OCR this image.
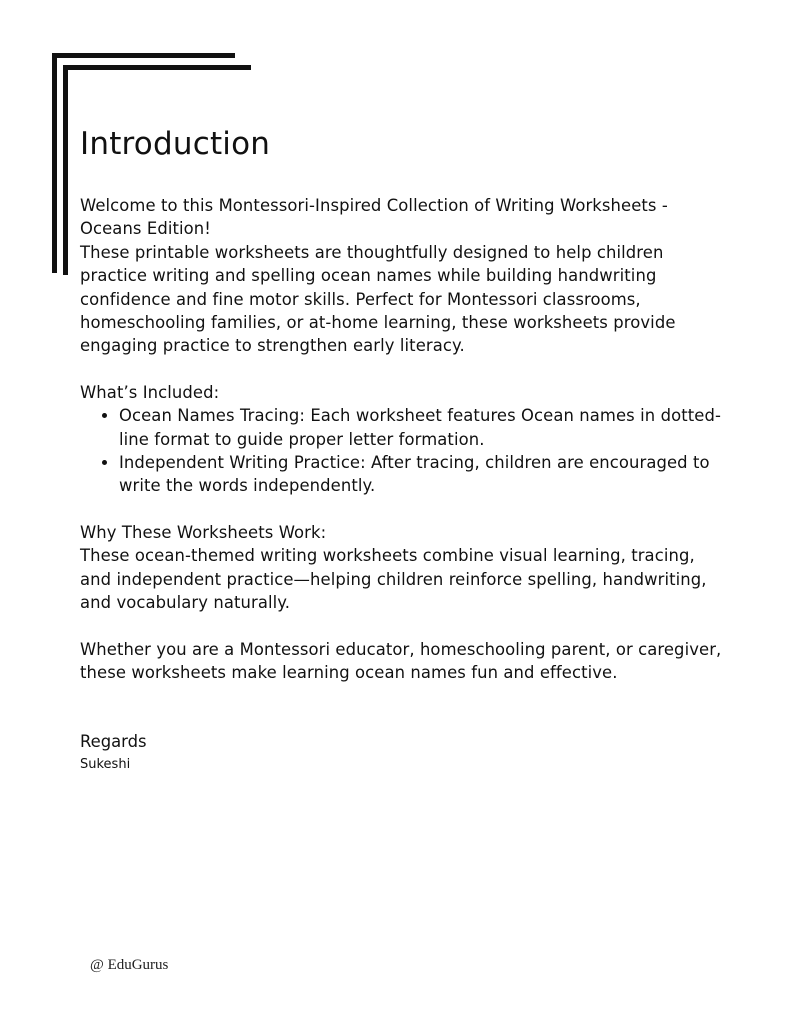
Introduction

Welcome to this Montessori-Inspired Collection of Writing Worksheets -

Oceans Edition!

These printable worksheets are thoughtfully designed to help children practice writing and spelling ocean names while building handwriting confidence and fine motor skills. Perfect for Montessori classrooms, homeschooling families, or at-home learning, these worksheets provide engaging practice to strengthen early literacy.

What’s Included:

• Ocean Names Tracing: Each worksheet features Ocean names in dotted-line format to guide proper letter formation.
• Independent Writing Practice: After tracing, children are encouraged to write the words independently.

Why These Worksheets Work:

These ocean-themed writing worksheets combine visual learning, tracing, and independent practice—helping children reinforce spelling, handwriting, and vocabulary naturally.

Whether you are a Montessori educator, homeschooling parent, or caregiver, these worksheets make learning ocean names fun and effective.

Regards

Sukeshi

@ EduGurus
